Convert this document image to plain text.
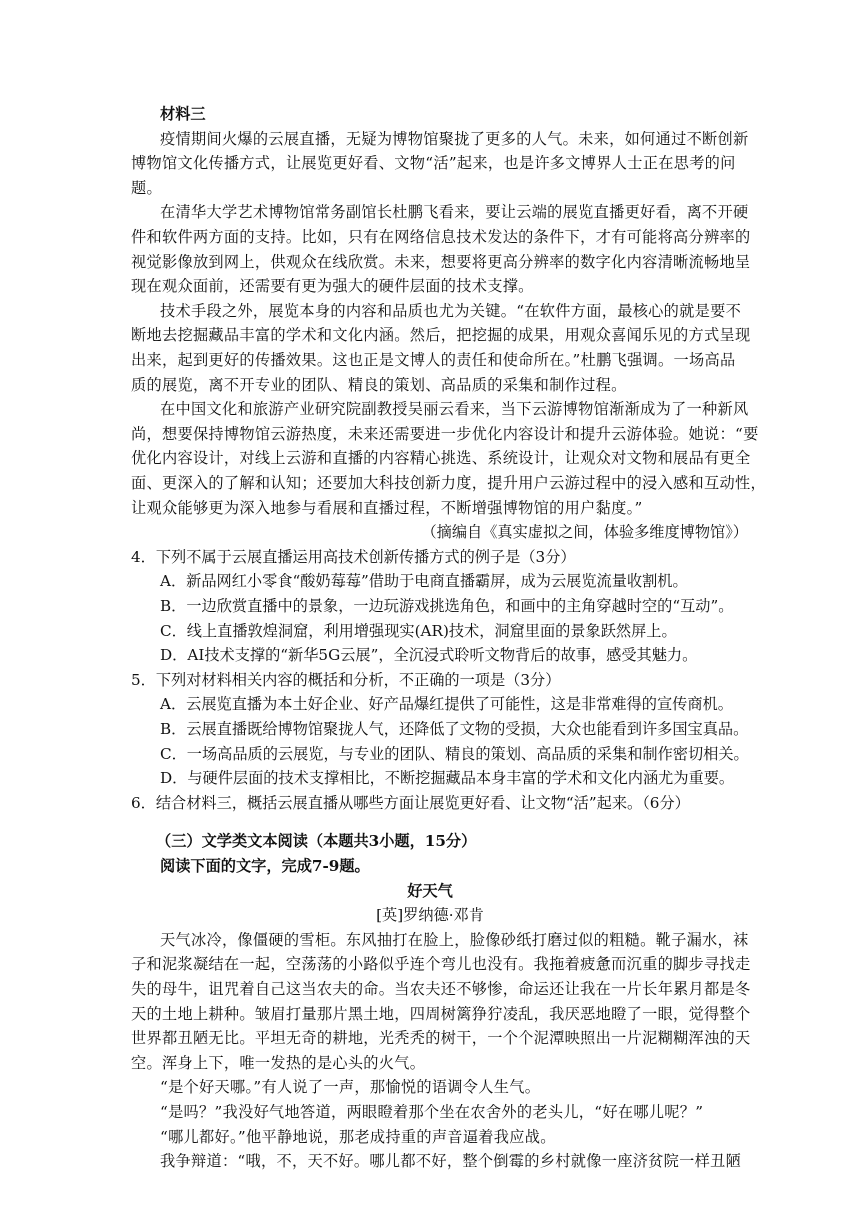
材料三
疫情期间火爆的云展直播，无疑为博物馆聚拢了更多的人气。未来，如何通过不断创新
博物馆文化传播方式，让展览更好看、文物“活”起来，也是许多文博界人士正在思考的问
题。
在清华大学艺术博物馆常务副馆长杜鹏飞看来，要让云端的展览直播更好看，离不开硬
件和软件两方面的支持。比如，只有在网络信息技术发达的条件下，才有可能将高分辨率的
视觉影像放到网上，供观众在线欣赏。未来，想要将更高分辨率的数字化内容清晰流畅地呈
现在观众面前，还需要有更为强大的硬件层面的技术支撑。
技术手段之外，展览本身的内容和品质也尤为关键。“在软件方面，最核心的就是要不
断地去挖掘藏品丰富的学术和文化内涵。然后，把挖掘的成果，用观众喜闻乐见的方式呈现
出来，起到更好的传播效果。这也正是文博人的责任和使命所在。”杜鹏飞强调。一场高品
质的展览，离不开专业的团队、精良的策划、高品质的采集和制作过程。
在中国文化和旅游产业研究院副教授吴丽云看来，当下云游博物馆渐渐成为了一种新风
尚，想要保持博物馆云游热度，未来还需要进一步优化内容设计和提升云游体验。她说：“要
优化内容设计，对线上云游和直播的内容精心挑选、系统设计，让观众对文物和展品有更全
面、更深入的了解和认知；还要加大科技创新力度，提升用户云游过程中的浸入感和互动性，
让观众能够更为深入地参与看展和直播过程，不断增强博物馆的用户黏度。”
（摘编自《真实虚拟之间，体验多维度博物馆》）
4．下列不属于云展直播运用高技术创新传播方式的例子是（3分）
A．新品网红小零食“酸奶莓莓”借助于电商直播霸屏，成为云展览流量收割机。
B．一边欣赏直播中的景象，一边玩游戏挑选角色，和画中的主角穿越时空的“互动”。
C．线上直播敦煌洞窟，利用增强现实(AR)技术，洞窟里面的景象跃然屏上。
D．AI技术支撑的“新华5G云展”，全沉浸式聆听文物背后的故事，感受其魅力。
5．下列对材料相关内容的概括和分析，不正确的一项是（3分）
A．云展览直播为本土好企业、好产品爆红提供了可能性，这是非常难得的宣传商机。
B．云展直播既给博物馆聚拢人气，还降低了文物的受损，大众也能看到许多国宝真品。
C．一场高品质的云展览，与专业的团队、精良的策划、高品质的采集和制作密切相关。
D．与硬件层面的技术支撑相比，不断挖掘藏品本身丰富的学术和文化内涵尤为重要。
6．结合材料三，概括云展直播从哪些方面让展览更好看、让文物“活”起来。（6分）
（三）文学类文本阅读（本题共3小题，15分）
阅读下面的文字，完成7-9题。
好天气
[英]罗纳德·邓肯
天气冰冷，像僵硬的雪柜。东风抽打在脸上，脸像砂纸打磨过似的粗糙。靴子漏水，袜
子和泥浆凝结在一起，空荡荡的小路似乎连个弯儿也没有。我拖着疲惫而沉重的脚步寻找走
失的母牛，诅咒着自己这当农夫的命。当农夫还不够惨，命运还让我在一片长年累月都是冬
天的土地上耕种。皱眉打量那片黑土地，四周树篱狰狞凌乱，我厌恶地瞪了一眼，觉得整个
世界都丑陋无比。平坦无奇的耕地，光秃秃的树干，一个个泥潭映照出一片泥糊糊浑浊的天
空。浑身上下，唯一发热的是心头的火气。
“是个好天哪。”有人说了一声，那愉悦的语调令人生气。
“是吗？”我没好气地答道，两眼瞪着那个坐在农舍外的老头儿，“好在哪儿呢？”
“哪儿都好。”他平静地说，那老成持重的声音逼着我应战。
我争辩道：“哦，不，天不好。哪儿都不好，整个倒霉的乡村就像一座济贫院一样丑陋
